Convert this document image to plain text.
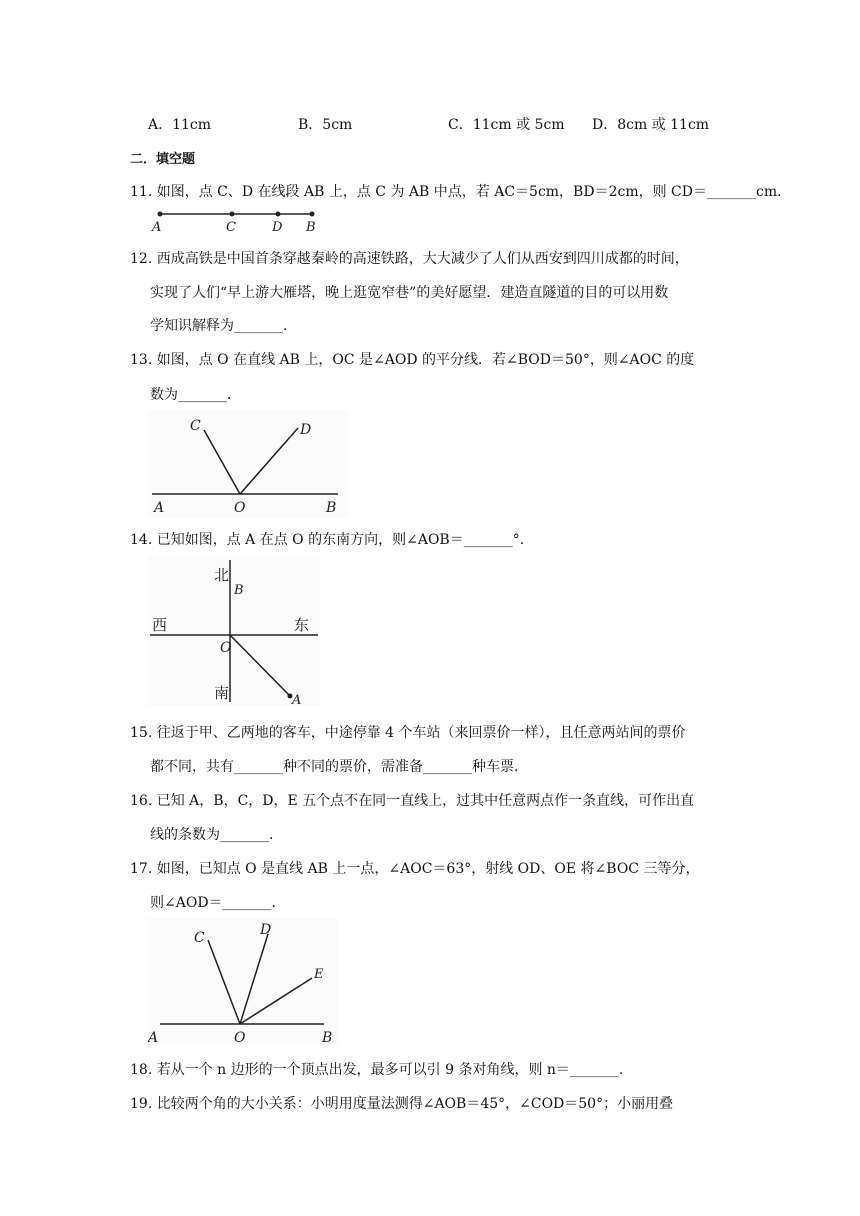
A．11cm	B．5cm	C．11cm 或 5cm D．8cm 或 11cm
二．填空题
11. 如图，点 C、D 在线段 AB 上，点 C 为 AB 中点，若 AC＝5cm，BD＝2cm，则 CD＝_______cm．
A	C	D B
12. 西成高铁是中国首条穿越秦岭的高速铁路，大大减少了人们从西安到四川成都的时间，
实现了人们“早上游大雁塔，晚上逛宽窄巷”的美好愿望．建造直隧道的目的可以用数
学知识解释为_______．
13. 如图，点 O 在直线 AB 上，OC 是∠AOD 的平分线．若∠BOD＝50°，则∠AOC 的度
数为_______．
C	D
A	O	B
14. 已知如图，点 A 在点 O 的东南方向，则∠AOB＝_______°．
北
B
西	东
O
南	A
15. 往返于甲、乙两地的客车，中途停靠 4 个车站（来回票价一样），且任意两站间的票价
都不同，共有_______种不同的票价，需准备_______种车票．
16. 已知 A，B，C，D，E 五个点不在同一直线上，过其中任意两点作一条直线，可作出直
线的条数为_______．
17. 如图，已知点 O 是直线 AB 上一点，∠AOC＝63°，射线 OD、OE 将∠BOC 三等分，
则∠AOD＝_______．
C	D
E
A	O	B
18. 若从一个 n 边形的一个顶点出发，最多可以引 9 条对角线，则 n＝_______．
19. 比较两个角的大小关系：小明用度量法测得∠AOB＝45°，∠COD＝50°；小丽用叠
